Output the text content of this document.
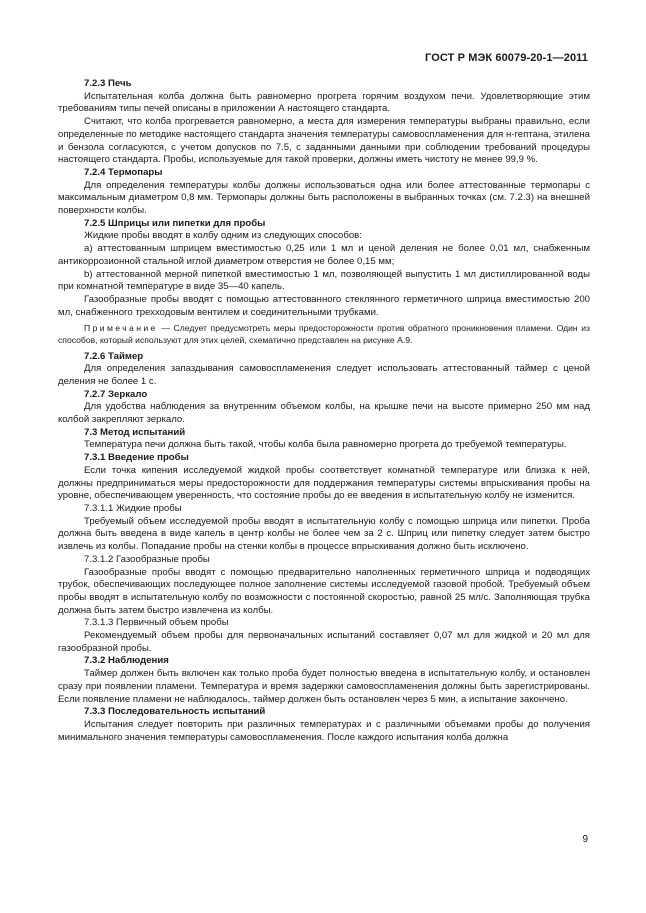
ГОСТ Р МЭК 60079-20-1—2011

7.2.3 Печь

Испытательная колба должна быть равномерно прогрета горячим воздухом печи. Удовлетворяющие этим требованиям типы печей описаны в приложении А настоящего стандарта.

Считают, что колба прогревается равномерно, а места для измерения температуры выбраны правильно, если определенные по методике настоящего стандарта значения температуры самовоспламенения для н-гептана, этилена и бензола согласуются, с учетом допусков по 7.5, с заданными данными при соблюдении требований процедуры настоящего стандарта. Пробы, используемые для такой проверки, должны иметь чистоту не менее 99,9 %.

7.2.4 Термопары

Для определения температуры колбы должны использоваться одна или более аттестованные термопары с максимальным диаметром 0,8 мм. Термопары должны быть расположены в выбранных точках (см. 7.2.3) на внешней поверхности колбы.

7.2.5 Шприцы или пипетки для пробы

Жидкие пробы вводят в колбу одним из следующих способов:

а) аттестованным шприцем вместимостью 0,25 или 1 мл и ценой деления не более 0,01 мл, снабженным антикоррозионной стальной иглой диаметром отверстия не более 0,15 мм;

b) аттестованной мерной пипеткой вместимостью 1 мл, позволяющей выпустить 1 мл дистиллированной воды при комнатной температуре в виде 35—40 капель.

Газообразные пробы вводят с помощью аттестованного стеклянного герметичного шприца вместимостью 200 мл, снабженного трехходовым вентилем и соединительными трубками.

Примечание — Следует предусмотреть меры предосторожности против обратного проникновения пламени. Один из способов, который используют для этих целей, схематично представлен на рисунке А.9.

7.2.6 Таймер

Для определения запаздывания самовоспламенения следует использовать аттестованный таймер с ценой деления не более 1 с.

7.2.7 Зеркало

Для удобства наблюдения за внутренним объемом колбы, на крышке печи на высоте примерно 250 мм над колбой закрепляют зеркало.

7.3 Метод испытаний

Температура печи должна быть такой, чтобы колба была равномерно прогрета до требуемой температуры.

7.3.1 Введение пробы

Если точка кипения исследуемой жидкой пробы соответствует комнатной температуре или близка к ней, должны предприниматься меры предосторожности для поддержания температуры системы впрыскивания пробы на уровне, обеспечивающем уверенность, что состояние пробы до ее введения в испытательную колбу не изменится.

7.3.1.1 Жидкие пробы

Требуемый объем исследуемой пробы вводят в испытательную колбу с помощью шприца или пипетки. Проба должна быть введена в виде капель в центр колбы не более чем за 2 с. Шприц или пипетку следует затем быстро извлечь из колбы. Попадание пробы на стенки колбы в процессе впрыскивания должно быть исключено.

7.3.1.2 Газообразные пробы

Газообразные пробы вводят с помощью предварительно наполненных герметичного шприца и подводящих трубок, обеспечивающих последующее полное заполнение системы исследуемой газовой пробой. Требуемый объем пробы вводят в испытательную колбу по возможности с постоянной скоростью, равной 25 мл/с. Заполняющая трубка должна быть затем быстро извлечена из колбы.

7.3.1.3 Первичный объем пробы

Рекомендуемый объем пробы для первоначальных испытаний составляет 0,07 мл для жидкой и 20 мл для газообразной пробы.

7.3.2 Наблюдения

Таймер должен быть включен как только проба будет полностью введена в испытательную колбу, и остановлен сразу при появлении пламени. Температура и время задержки самовоспламенения должны быть зарегистрированы. Если появление пламени не наблюдалось, таймер должен быть остановлен через 5 мин, а испытание закончено.

7.3.3 Последовательность испытаний

Испытания следует повторить при различных температурах и с различными объемами пробы до получения минимального значения температуры самовоспламенения. После каждого испытания колба должна

9
